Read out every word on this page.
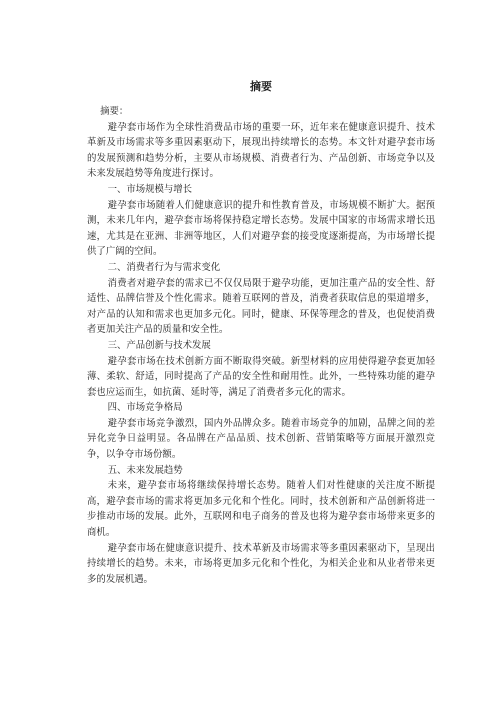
摘要

摘要：

避孕套市场作为全球性消费品市场的重要一环，近年来在健康意识提升、技术革新及市场需求等多重因素驱动下，展现出持续增长的态势。本文针对避孕套市场的发展预测和趋势分析，主要从市场规模、消费者行为、产品创新、市场竞争以及未来发展趋势等角度进行探讨。

一、市场规模与增长

避孕套市场随着人们健康意识的提升和性教育普及，市场规模不断扩大。据预测，未来几年内，避孕套市场将保持稳定增长态势。发展中国家的市场需求增长迅速，尤其是在亚洲、非洲等地区，人们对避孕套的接受度逐渐提高，为市场增长提供了广阔的空间。

二、消费者行为与需求变化

消费者对避孕套的需求已不仅仅局限于避孕功能，更加注重产品的安全性、舒适性、品牌信誉及个性化需求。随着互联网的普及，消费者获取信息的渠道增多，对产品的认知和需求也更加多元化。同时，健康、环保等理念的普及，也促使消费者更加关注产品的质量和安全性。

三、产品创新与技术发展

避孕套市场在技术创新方面不断取得突破。新型材料的应用使得避孕套更加轻薄、柔软、舒适，同时提高了产品的安全性和耐用性。此外，一些特殊功能的避孕套也应运而生，如抗菌、延时等，满足了消费者多元化的需求。

四、市场竞争格局

避孕套市场竞争激烈，国内外品牌众多。随着市场竞争的加剧，品牌之间的差异化竞争日益明显。各品牌在产品品质、技术创新、营销策略等方面展开激烈竞争，以争夺市场份额。

五、未来发展趋势

未来，避孕套市场将继续保持增长态势。随着人们对性健康的关注度不断提高，避孕套市场的需求将更加多元化和个性化。同时，技术创新和产品创新将进一步推动市场的发展。此外，互联网和电子商务的普及也将为避孕套市场带来更多的商机。

避孕套市场在健康意识提升、技术革新及市场需求等多重因素驱动下，呈现出持续增长的趋势。未来，市场将更加多元化和个性化，为相关企业和从业者带来更多的发展机遇。
